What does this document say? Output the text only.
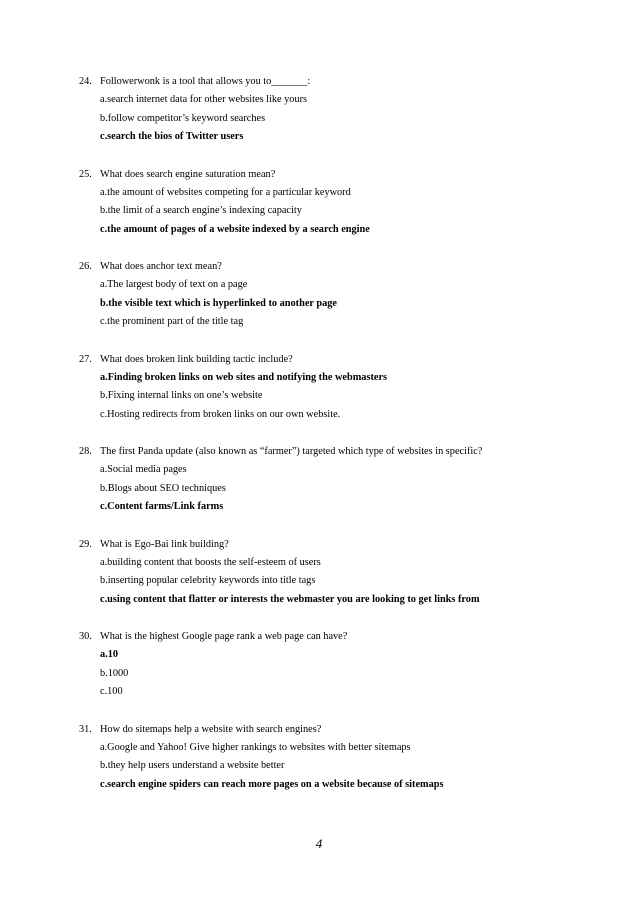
24. Followerwonk is a tool that allows you to_______:
a.search internet data for other websites like yours
b.follow competitor’s keyword searches
c.search the bios of Twitter users
25. What does search engine saturation mean?
a.the amount of websites competing for a particular keyword
b.the limit of a search engine’s indexing capacity
c.the amount of pages of a website indexed by a search engine
26. What does anchor text mean?
a.The largest body of text on a page
b.the visible text which is hyperlinked to another page
c.the prominent part of the title tag
27. What does broken link building tactic include?
a.Finding broken links on web sites and notifying the webmasters
b.Fixing internal links on one’s website
c.Hosting redirects from broken links on our own website.
28. The first Panda update (also known as “farmer”) targeted which type of websites in specific?
a.Social media pages
b.Blogs about SEO techniques
c.Content farms/Link farms
29. What is Ego-Bai link building?
a.building content that boosts the self-esteem of users
b.inserting popular celebrity keywords into title tags
c.using content that flatter or interests the webmaster you are looking to get links from
30. What is the highest Google page rank a web page can have?
a.10
b.1000
c.100
31. How do sitemaps help a website with search engines?
a.Google and Yahoo! Give higher rankings to websites with better sitemaps
b.they help users understand a website better
c.search engine spiders can reach more pages on a website because of sitemaps
4
